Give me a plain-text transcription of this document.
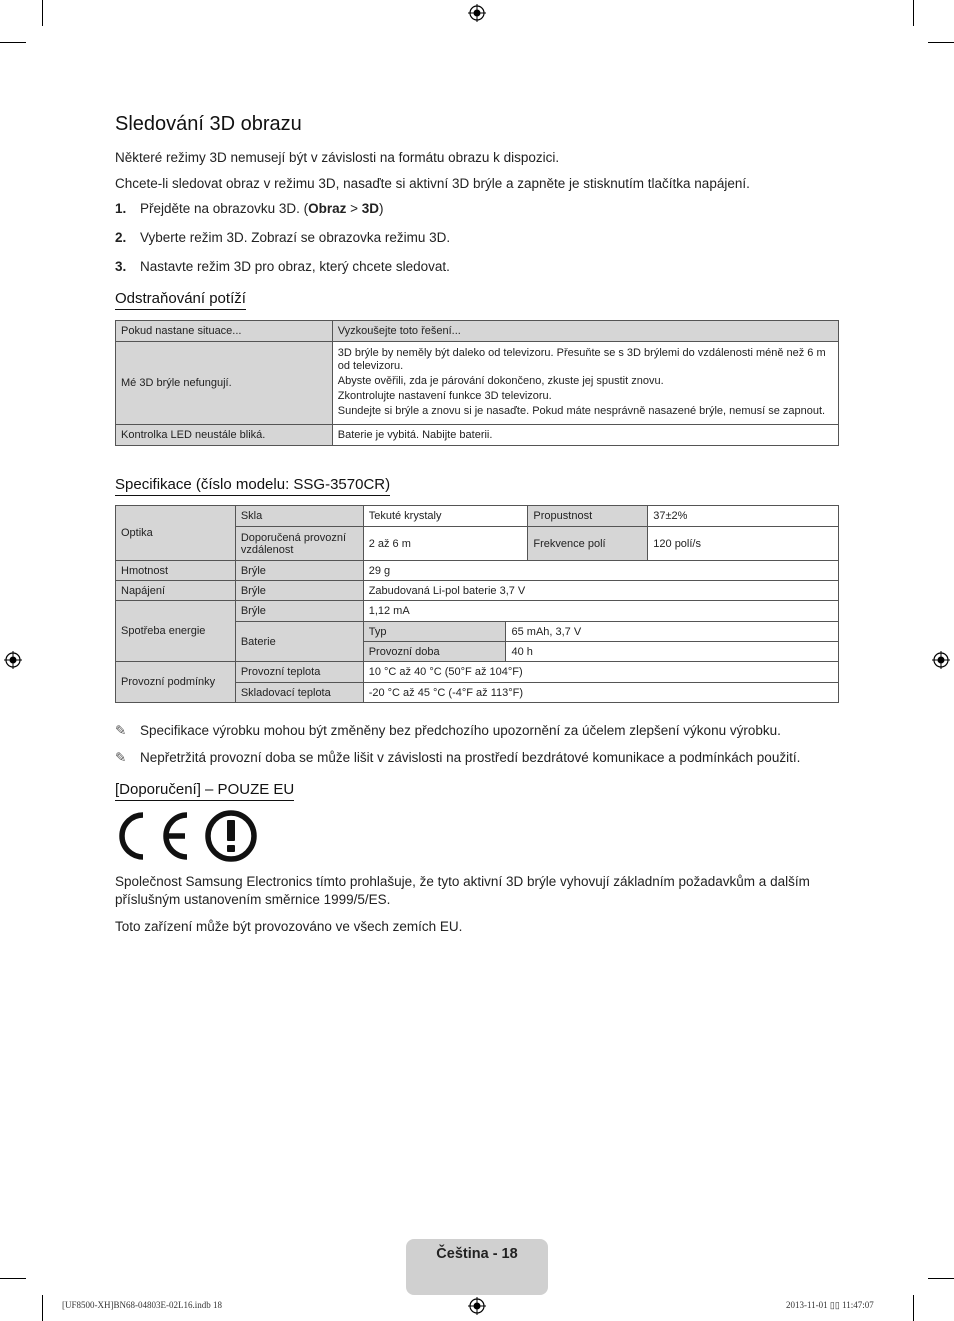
Sledování 3D obrazu
Některé režimy 3D nemusejí být v závislosti na formátu obrazu k dispozici.
Chcete-li sledovat obraz v režimu 3D, nasaďte si aktivní 3D brýle a zapněte je stisknutím tlačítka napájení.
1. Přejděte na obrazovku 3D. (Obraz > 3D)
2. Vyberte režim 3D. Zobrazí se obrazovka režimu 3D.
3. Nastavte režim 3D pro obraz, který chcete sledovat.
Odstraňování potíží
Pokud nastane situace...	Vyzkoušejte toto řešení...
Mé 3D brýle nefungují.	3D brýle by neměly být daleko od televizoru. Přesuňte se s 3D brýlemi do vzdálenosti méně než 6 m od televizoru.
Abyste ověřili, zda je párování dokončeno, zkuste jej spustit znovu.
Zkontrolujte nastavení funkce 3D televizoru.
Sundejte si brýle a znovu si je nasaďte. Pokud máte nesprávně nasazené brýle, nemusí se zapnout.

Kontrolka LED neustále bliká.	Baterie je vybitá. Nabijte baterii.
Specifikace (číslo modelu: SSG-3570CR)
Optika	Skla	Tekuté krystaly		Propustnost	37±2%
	Doporučená provozní vzdálenost	2 až 6 m		Frekvence polí	120 polí/s
Hmotnost	Brýle	29 g			
Napájení	Brýle	Zabudovaná Li-pol baterie 3,7 V			
Spotřeba energie	Brýle	1,12 mA			
	Baterie	Typ	65 mAh, 3,7 V		
		Provozní doba	40 h		
Provozní podmínky	Provozní teplota	10 °C až 40 °C (50°F až 104°F)			
	Skladovací teplota	-20 °C až 45 °C (-4°F až 113°F)			
✎ Specifikace výrobku mohou být změněny bez předchozího upozornění za účelem zlepšení výkonu výrobku.
✎ Nepřetržitá provozní doba se může lišit v závislosti na prostředí bezdrátové komunikace a podmínkách použití.
[Doporučení] – POUZE EU
Společnost Samsung Electronics tímto prohlašuje, že tyto aktivní 3D brýle vyhovují základním požadavkům a dalším příslušným ustanovením směrnice 1999/5/ES.
Toto zařízení může být provozováno ve všech zemích EU.
Čeština - 18
[UF8500-XH]BN68-04803E-02L16.indb 18	2013-11-01 ▯▯ 11:47:07
